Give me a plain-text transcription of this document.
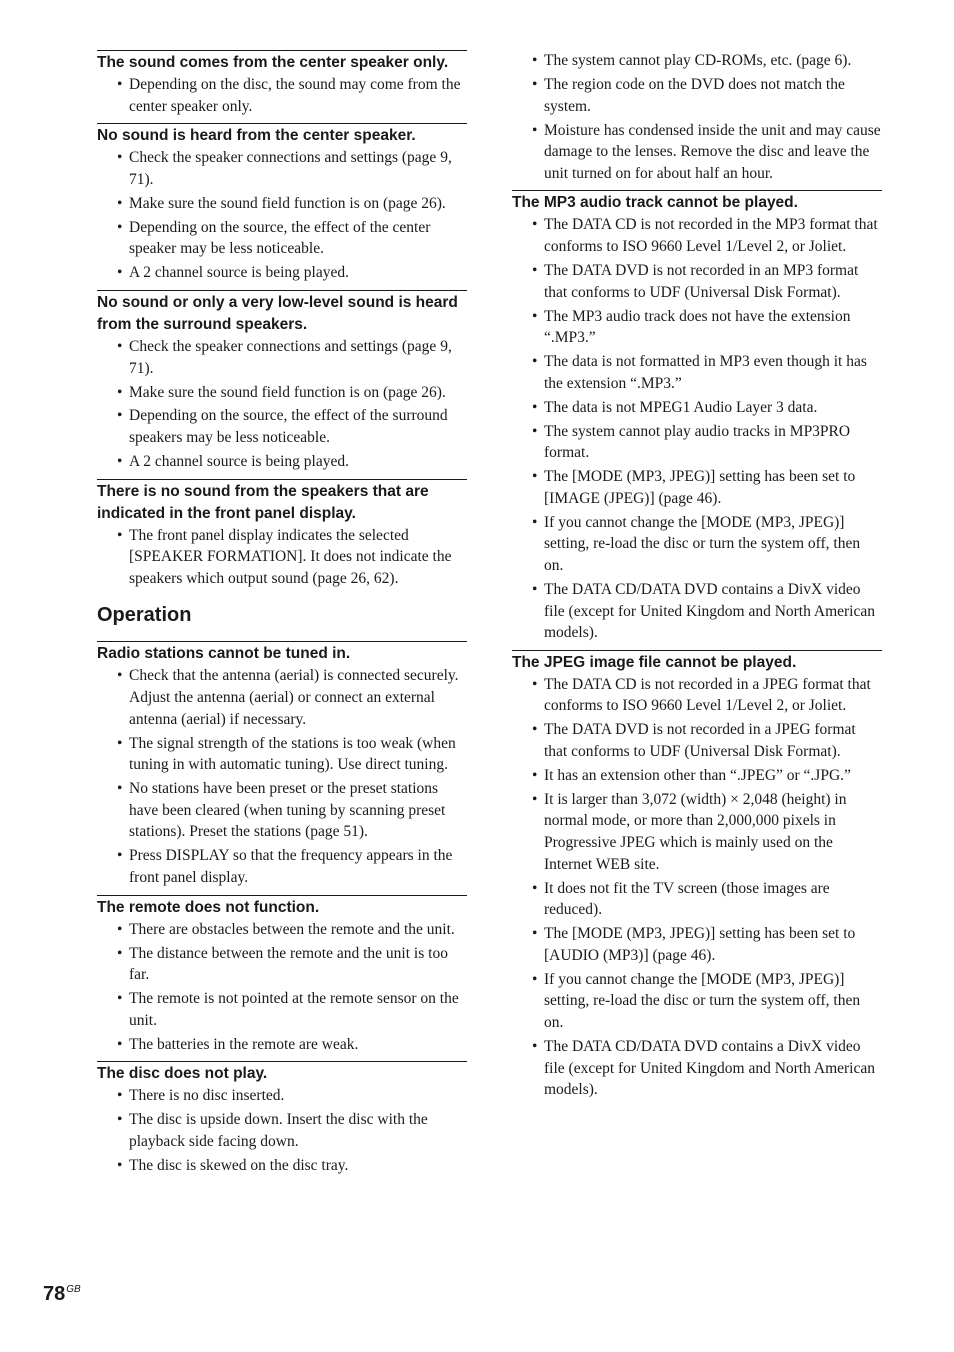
The sound comes from the center speaker only.
• Depending on the disc, the sound may come from the center speaker only.
No sound is heard from the center speaker.
• Check the speaker connections and settings (page 9, 71).
• Make sure the sound field function is on (page 26).
• Depending on the source, the effect of the center speaker may be less noticeable.
• A 2 channel source is being played.
No sound or only a very low-level sound is heard from the surround speakers.
• Check the speaker connections and settings (page 9, 71).
• Make sure the sound field function is on (page 26).
• Depending on the source, the effect of the surround speakers may be less noticeable.
• A 2 channel source is being played.
There is no sound from the speakers that are indicated in the front panel display.
• The front panel display indicates the selected [SPEAKER FORMATION]. It does not indicate the speakers which output sound (page 26, 62).
Operation
Radio stations cannot be tuned in.
• Check that the antenna (aerial) is connected securely. Adjust the antenna (aerial) or connect an external antenna (aerial) if necessary.
• The signal strength of the stations is too weak (when tuning in with automatic tuning). Use direct tuning.
• No stations have been preset or the preset stations have been cleared (when tuning by scanning preset stations). Preset the stations (page 51).
• Press DISPLAY so that the frequency appears in the front panel display.
The remote does not function.
• There are obstacles between the remote and the unit.
• The distance between the remote and the unit is too far.
• The remote is not pointed at the remote sensor on the unit.
• The batteries in the remote are weak.
The disc does not play.
• There is no disc inserted.
• The disc is upside down. Insert the disc with the playback side facing down.
• The disc is skewed on the disc tray.
• The system cannot play CD-ROMs, etc. (page 6).
• The region code on the DVD does not match the system.
• Moisture has condensed inside the unit and may cause damage to the lenses. Remove the disc and leave the unit turned on for about half an hour.
The MP3 audio track cannot be played.
• The DATA CD is not recorded in the MP3 format that conforms to ISO 9660 Level 1/Level 2, or Joliet.
• The DATA DVD is not recorded in an MP3 format that conforms to UDF (Universal Disk Format).
• The MP3 audio track does not have the extension “.MP3.”
• The data is not formatted in MP3 even though it has the extension “.MP3.”
• The data is not MPEG1 Audio Layer 3 data.
• The system cannot play audio tracks in MP3PRO format.
• The [MODE (MP3, JPEG)] setting has been set to [IMAGE (JPEG)] (page 46).
• If you cannot change the [MODE (MP3, JPEG)] setting, re-load the disc or turn the system off, then on.
• The DATA CD/DATA DVD contains a DivX video file (except for United Kingdom and North American models).
The JPEG image file cannot be played.
• The DATA CD is not recorded in a JPEG format that conforms to ISO 9660 Level 1/Level 2, or Joliet.
• The DATA DVD is not recorded in a JPEG format that conforms to UDF (Universal Disk Format).
• It has an extension other than “.JPEG” or “.JPG.”
• It is larger than 3,072 (width) × 2,048 (height) in normal mode, or more than 2,000,000 pixels in Progressive JPEG which is mainly used on the Internet WEB site.
• It does not fit the TV screen (those images are reduced).
• The [MODE (MP3, JPEG)] setting has been set to [AUDIO (MP3)] (page 46).
• If you cannot change the [MODE (MP3, JPEG)] setting, re-load the disc or turn the system off, then on.
• The DATA CD/DATA DVD contains a DivX video file (except for United Kingdom and North American models).
$78^{GB}$
